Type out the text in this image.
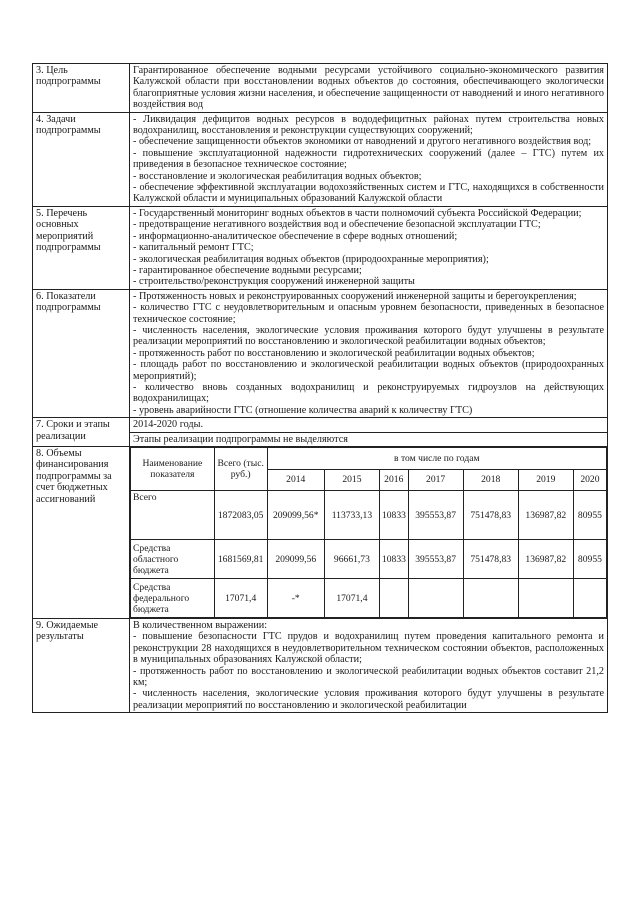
3. Цель подпрограммы	Гарантированное обеспечение водными ресурсами устойчивого социально-экономического развития Калужской области при восстановлении водных объектов до состояния, обеспечивающего экологически благоприятные условия жизни населения, и обеспечение защищенности от наводнений и иного негативного воздействия вод
4. Задачи подпрограммы	
- Ликвидация дефицитов водных ресурсов в вододефицитных районах путем строительства новых водохранилищ, восстановления и реконструкции существующих сооружений;
- обеспечение защищенности объектов экономики от наводнений и другого негативного воздействия вод;
- повышение эксплуатационной надежности гидротехнических сооружений (далее – ГТС) путем их приведения в безопасное техническое состояние;
- восстановление и экологическая реабилитация водных объектов;
- обеспечение эффективной эксплуатации водохозяйственных систем и ГТС, находящихся в собственности Калужской области и муниципальных образований Калужской области

5. Перечень основных мероприятий подпрограммы	
- Государственный мониторинг водных объектов в части полномочий субъекта Российской Федерации;
- предотвращение негативного воздействия вод и обеспечение безопасной эксплуатации ГТС;
- информационно-аналитическое обеспечение в сфере водных отношений;
- капитальный ремонт ГТС;
- экологическая реабилитация водных объектов (природоохранные мероприятия);
- гарантированное обеспечение водными ресурсами;
- строительство/реконструкция сооружений инженерной защиты

6. Показатели подпрограммы	
- Протяженность новых и реконструированных сооружений инженерной защиты и берегоукрепления;
- количество ГТС с неудовлетворительным и опасным уровнем безопасности, приведенных в безопасное техническое состояние;
- численность населения, экологические условия проживания которого будут улучшены в результате реализации мероприятий по восстановлению и экологической реабилитации водных объектов;
- протяженность работ по восстановлению и экологической реабилитации водных объектов;
- площадь работ по восстановлению и экологической реабилитации водных объектов (природоохранных мероприятий);
- количество вновь созданных водохранилищ и реконструируемых гидроузлов на действующих водохранилищах;
- уровень аварийности ГТС (отношение количества аварий к количеству ГТС)

7. Сроки и этапы реализации	
2014-2020 годы.
Этапы реализации подпрограммы не выделяются

8. Объемы финансирования подпрограммы за счет бюджетных ассигнований	
Наименование показателя	Всего (тыс. руб.)	в том числе по годам
2014	2015	2016	2017	2018	2019	2020
Всего	1872083,05	209099,56*	113733,13	10833	395553,87	751478,83	136987,82	80955
Средства областного бюджета	1681569,81	209099,56	96661,73	10833	395553,87	751478,83	136987,82	80955
Средства федерального бюджета	17071,4	-*	17071,4					

9. Ожидаемые результаты	
В количественном выражении:
- повышение безопасности ГТС прудов и водохранилищ путем проведения капитального ремонта и реконструкции 28 находящихся в неудовлетворительном техническом состоянии объектов, расположенных в муниципальных образованиях Калужской области;
- протяженность работ по восстановлению и экологической реабилитации водных объектов составит 21,2 км;
- численность населения, экологические условия проживания которого будут улучшены в результате реализации мероприятий по восстановлению и экологической реабилитации
